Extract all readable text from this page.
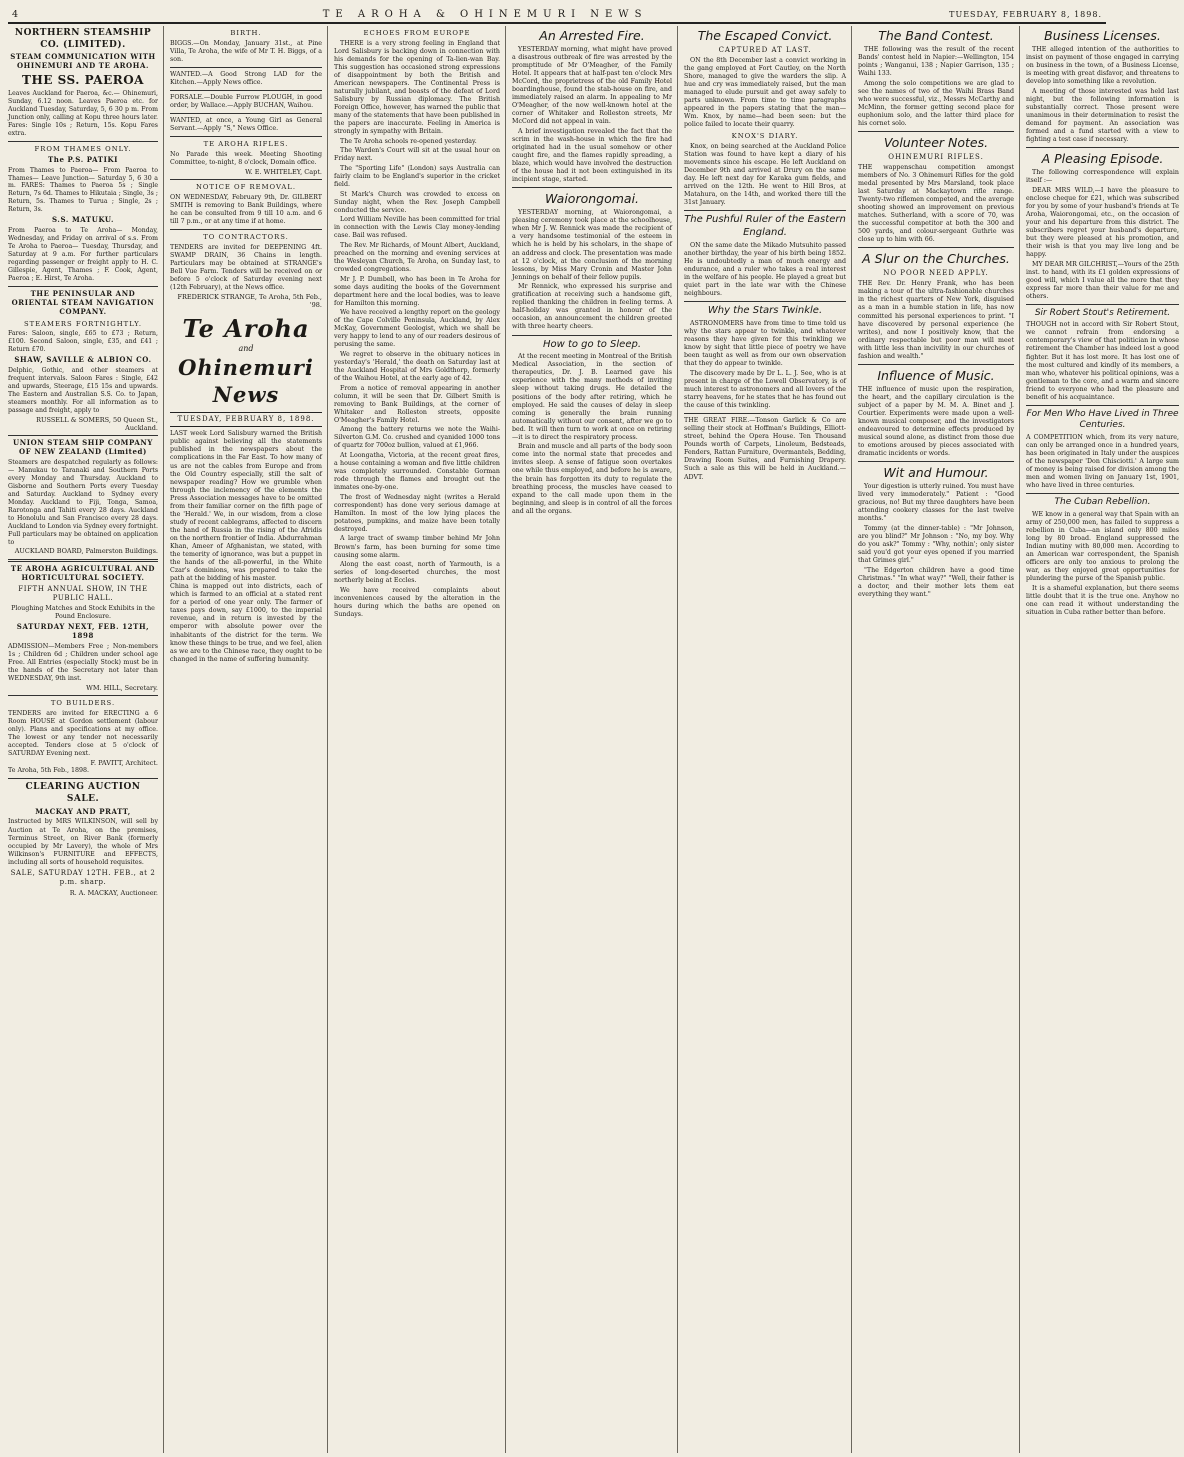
4	TE AROHA & OHINEMURI NEWS	TUESDAY, FEBRUARY 8, 1898.
NORTHERN STEAMSHIP CO. (LIMITED).
STEAM COMMUNICATION WITH OHINEMURI AND TE AROHA.
THE SS. PAEROA

Leaves Auckland for Paeroa, &c.— Ohinemuri, Sunday, 6.12 noon. Leaves Paeroa etc. for Auckland Tuesday, Saturday, 5, 6 30 p m. From Junction only, calling at Kopu three hours later. Fares: Single 10s ; Return, 15s. Kopu Fares extra.

FROM THAMES ONLY.
The P.S. PATIKI

From Thames to Paeroa— From Paeroa to Thames— Leave Junction— Saturday 5, 6 30 a m. FARES: Thames to Paeroa 5s ; Single Return, 7s 6d. Thames to Hikutaia ; Single, 3s ; Return, 5s. Thames to Turua ; Single, 2s ; Return, 3s.

S.S. MATUKU.

From Paeroa to Te Aroha— Monday, Wednesday, and Friday on arrival of s.s. From Te Aroha to Paeroa— Tuesday, Thursday, and Saturday at 9 a.m. For further particulars regarding passenger or freight apply to H. C. Gillespie, Agent, Thames ; F. Cook, Agent, Paeroa ; E. Hirst, Te Aroha.

THE PENINSULAR AND ORIENTAL STEAM NAVIGATION COMPANY.
STEAMERS FORTNIGHTLY.

Fares: Saloon, single, £65 to £73 ; Return, £100. Second Saloon, single, £35, and £41 ; Return £70.

SHAW, SAVILLE & ALBION CO.

Delphic, Gothic, and other steamers at frequent intervals. Saloon Fares : Single, £42 and upwards, Steerage, £15 15s and upwards. The Eastern and Australian S.S. Co. to Japan, steamers monthly. For all information as to passage and freight, apply to

RUSSELL & SOMERS, 50 Queen St., Auckland.
UNION STEAM SHIP COMPANY OF NEW ZEALAND (Limited)

Steamers are despatched regularly as follows:— Manukau to Taranaki and Southern Ports every Monday and Thursday. Auckland to Gisborne and Southern Ports every Tuesday and Saturday. Auckland to Sydney every Monday. Auckland to Fiji, Tonga, Samoa, Rarotonga and Tahiti every 28 days. Auckland to Honolulu and San Francisco every 28 days. Auckland to London via Sydney every fortnight. Full particulars may be obtained on application to

AUCKLAND BOARD, Palmerston Buildings.
TE AROHA AGRICULTURAL AND HORTICULTURAL SOCIETY.
FIFTH ANNUAL SHOW, IN THE PUBLIC HALL.

Ploughing Matches and Stock Exhibits in the Pound Enclosure.

SATURDAY NEXT, FEB. 12TH, 1898

ADMISSION—Members Free ; Non-members 1s ; Children 6d ; Children under school age Free. All Entries (especially Stock) must be in the hands of the Secretary not later than WEDNESDAY, 9th inst.

WM. HILL, Secretary.
TO BUILDERS.

TENDERS are invited for ERECTING a 6 Room HOUSE at Gordon settlement (labour only). Plans and specifications at my office. The lowest or any tender not necessarily accepted. Tenders close at 5 o'clock of SATURDAY Evening next.

F. PAVITT, Architect.
Te Aroha, 5th Feb., 1898.
CLEARING AUCTION SALE.
MACKAY AND PRATT,

Instructed by MRS WILKINSON, will sell by Auction at Te Aroha, on the premises, Terminus Street, on River Bank (formerly occupied by Mr Lavery), the whole of Mrs Wilkinson's FURNITURE and EFFECTS, including all sorts of household requisites.

SALE, SATURDAY 12TH. FEB., at 2 p.m. sharp.
R. A. MACKAY, Auctioneer.
BIRTH.

BIGGS.—On Monday, January 31st., at Pine Villa, Te Aroha, the wife of Mr T. H. Biggs, of a son.

WANTED.—A Good Strong LAD for the Kitchen.—Apply News office.

FORSALE.—Double Furrow PLOUGH, in good order, by Wallace.—Apply BUCHAN, Waihou.

WANTED, at once, a Young Girl as General Servant.—Apply "S," News Office.

TE AROHA RIFLES.

No Parade this week. Meeting Shooting Committee, to-night, 8 o'clock, Domain office.

W. E. WHITELEY, Capt.
NOTICE OF REMOVAL.

ON WEDNESDAY, February 9th, Dr. GILBERT SMITH is removing to Bank Buildings, where he can be consulted from 9 till 10 a.m. and 6 till 7 p.m., or at any time if at home.

TO CONTRACTORS.

TENDERS are invited for DEEPENING 4ft. SWAMP DRAIN, 36 Chains in length. Particulars may be obtained at STRANGE's Bell Vue Farm. Tenders will be received on or before 5 o'clock of Saturday evening next (12th February), at the News office.

FREDERICK STRANGE, Te Aroha, 5th Feb., '98.
Te Aroha
and
Ohinemuri News
TUESDAY, FEBRUARY 8, 1898.

LAST week Lord Salisbury warned the British public against believing all the statements published in the newspapers about the complications in the Far East. To how many of us are not the cables from Europe and from the Old Country especially, still the salt of newspaper reading? How we grumble when through the inclemency of the elements the Press Association messages have to be omitted from their familiar corner on the fifth page of the 'Herald.' We, in our wisdom, from a close study of recent cablegrams, affected to discern the hand of Russia in the rising of the Afridis on the northern frontier of India. Abdurrahman Khan, Ameer of Afghanistan, we stated, with the temerity of ignorance, was but a puppet in the hands of the all-powerful, in the White Czar's dominions, was prepared to take the path at the bidding of his master.

China is mapped out into districts, each of which is farmed to an official at a stated rent for a period of one year only. The farmer of taxes pays down, say £1000, to the imperial revenue, and in return is invested by the emperor with absolute power over the inhabitants of the district for the term. We know these things to be true, and we feel, alien as we are to the Chinese race, they ought to be changed in the name of suffering humanity.

ECHOES FROM EUROPE

THERE is a very strong feeling in England that Lord Salisbury is backing down in connection with his demands for the opening of Ta-lien-wan Bay. This suggestion has occasioned strong expressions of disappointment by both the British and American newspapers. The Continental Press is naturally jubilant, and boasts of the defeat of Lord Salisbury by Russian diplomacy. The British Foreign Office, however, has warned the public that many of the statements that have been published in the papers are inaccurate. Feeling in America is strongly in sympathy with Britain.

The Te Aroha schools re-opened yesterday.

The Warden's Court will sit at the usual hour on Friday next.

The "Sporting Life" (London) says Australia can fairly claim to be England's superior in the cricket field.

St Mark's Church was crowded to excess on Sunday night, when the Rev. Joseph Campbell conducted the service.

Lord William Neville has been committed for trial in connection with the Lewis Clay money-lending case. Bail was refused.

The Rev. Mr Richards, of Mount Albert, Auckland, preached on the morning and evening services at the Wesleyan Church, Te Aroha, on Sunday last, to crowded congregations.

Mr J. P. Dumbell, who has been in Te Aroha for some days auditing the books of the Government department here and the local bodies, was to leave for Hamilton this morning.

We have received a lengthy report on the geology of the Cape Colville Peninsula, Auckland, by Alex McKay, Government Geologist, which we shall be very happy to lend to any of our readers desirous of perusing the same.

We regret to observe in the obituary notices in yesterday's 'Herald,' the death on Saturday last at the Auckland Hospital of Mrs Goldthorp, formerly of the Waihou Hotel, at the early age of 42.

From a notice of removal appearing in another column, it will be seen that Dr. Gilbert Smith is removing to Bank Buildings, at the corner of Whitaker and Rolleston streets, opposite O'Meagher's Family Hotel.

Among the battery returns we note the Waihi-Silverton G.M. Co. crushed and cyanided 1000 tons of quartz for 700oz bullion, valued at £1,966.

At Loongatha, Victoria, at the recent great fires, a house containing a woman and five little children was completely surrounded. Constable Gorman rode through the flames and brought out the inmates one-by-one.

The frost of Wednesday night (writes a Herald correspondent) has done very serious damage at Hamilton. In most of the low lying places the potatoes, pumpkins, and maize have been totally destroyed.

A large tract of swamp timber behind Mr John Brown's farm, has been burning for some time causing some alarm.

Along the east coast, north of Yarmouth, is a series of long-deserted churches, the most northerly being at Eccles.

We have received complaints about inconveniences caused by the alteration in the hours during which the baths are opened on Sundays.

An Arrested Fire.

YESTERDAY morning, what might have proved a disastrous outbreak of fire was arrested by the promptitude of Mr O'Meagher, of the Family Hotel. It appears that at half-past ten o'clock Mrs McCord, the proprietress of the old Family Hotel boardinghouse, found the stab-house on fire, and immediately raised an alarm. In appealing to Mr O'Meagher, of the now well-known hotel at the corner of Whitaker and Rolleston streets, Mr McCord did not appeal in vain.

A brief investigation revealed the fact that the scrim in the wash-house in which the fire had originated had in the usual somehow or other caught fire, and the flames rapidly spreading, a blaze, which would have involved the destruction of the house had it not been extinguished in its incipient stage, started.

Waiorongomai.

YESTERDAY morning, at Waiorongomai, a pleasing ceremony took place at the schoolhouse, when Mr J. W. Rennick was made the recipient of a very handsome testimonial of the esteem in which he is held by his scholars, in the shape of an address and clock. The presentation was made at 12 o'clock, at the conclusion of the morning lessons, by Miss Mary Cronin and Master John Jennings on behalf of their fellow pupils.

Mr Rennick, who expressed his surprise and gratification at receiving such a handsome gift, replied thanking the children in feeling terms. A half-holiday was granted in honour of the occasion, an announcement the children greeted with three hearty cheers.

How to go to Sleep.

At the recent meeting in Montreal of the British Medical Association, in the section of therapeutics, Dr. J. B. Learned gave his experience with the many methods of inviting sleep without taking drugs. He detailed the positions of the body after retiring, which he employed. He said the causes of delay in sleep coming is generally the brain running automatically without our consent, after we go to bed. It will then turn to work at once on retiring—it is to direct the respiratory process.

Brain and muscle and all parts of the body soon come into the normal state that precedes and invites sleep. A sense of fatigue soon overtakes one while thus employed, and before he is aware, the brain has forgotten its duty to regulate the breathing process, the muscles have ceased to expand to the call made upon them in the beginning, and sleep is in control of all the forces and all the organs.

The Escaped Convict.
CAPTURED AT LAST.

ON the 8th December last a convict working in the gang employed at Fort Cautley, on the North Shore, managed to give the warders the slip. A hue and cry was immediately raised, but the man managed to elude pursuit and get away safely to parts unknown. From time to time paragraphs appeared in the papers stating that the man—Wm. Knox, by name—had been seen: but the police failed to locate their quarry.

KNOX'S DIARY.

Knox, on being searched at the Auckland Police Station was found to have kept a diary of his movements since his escape. He left Auckland on December 9th and arrived at Drury on the same day. He left next day for Karaka gum fields, and arrived on the 12th. He went to Hill Bros, at Matahura, on the 14th, and worked there till the 31st January.

The Pushful Ruler of the Eastern England.

ON the same date the Mikado Mutsuhito passed another birthday, the year of his birth being 1852. He is undoubtedly a man of much energy and endurance, and a ruler who takes a real interest in the welfare of his people. He played a great but quiet part in the late war with the Chinese neighbours.

Why the Stars Twinkle.

ASTRONOMERS have from time to time told us why the stars appear to twinkle, and whatever reasons they have given for this twinkling we know by sight that little piece of poetry we have been taught as well as from our own observation that they do appear to twinkle.

The discovery made by Dr L. L. J. See, who is at present in charge of the Lowell Observatory, is of much interest to astronomers and all lovers of the starry heavens, for he states that he has found out the cause of this twinkling.

THE GREAT FIRE.—Tonson Garlick & Co are selling their stock at Hoffman's Buildings, Elliott-street, behind the Opera House. Ten Thousand Pounds worth of Carpets, Linoleum, Bedsteads, Fenders, Rattan Furniture, Overmantels, Bedding, Drawing Room Suites, and Furnishing Drapery. Such a sale as this will be held in Auckland.—ADVT.

The Band Contest.

THE following was the result of the recent Bands' contest held in Napier:—Wellington, 154 points ; Wanganui, 138 ; Napier Garrison, 135 ; Waihi 133.

Among the solo competitions we are glad to see the names of two of the Waihi Brass Band who were successful, viz., Messrs McCarthy and McMinn, the former getting second place for euphonium solo, and the latter third place for his cornet solo.

Volunteer Notes.
OHINEMURI RIFLES.

THE wappenschau competition amongst members of No. 3 Ohinemuri Rifles for the gold medal presented by Mrs Marsland, took place last Saturday at Mackaytown rifle range. Twenty-two riflemen competed, and the average shooting showed an improvement on previous matches. Sutherland, with a score of 70, was the successful competitor at both the 300 and 500 yards, and colour-sergeant Guthrie was close up to him with 66.

A Slur on the Churches.
NO POOR NEED APPLY.

THE Rev. Dr. Henry Frank, who has been making a tour of the ultra-fashionable churches in the richest quarters of New York, disguised as a man in a humble station in life, has now committed his personal experiences to print. "I have discovered by personal experience (he writes), and now I positively know, that the ordinary respectable but poor man will meet with little less than incivility in our churches of fashion and wealth."

Influence of Music.

THE influence of music upon the respiration, the heart, and the capillary circulation is the subject of a paper by M. M. A. Binet and J. Courtier. Experiments were made upon a well-known musical composer, and the investigators endeavoured to determine effects produced by musical sound alone, as distinct from those due to emotions aroused by pieces associated with dramatic incidents or words.

Wit and Humour.

Your digestion is utterly ruined. You must have lived very immoderately." Patient : "Good gracious, no! But my three daughters have been attending cookery classes for the last twelve months."

Tommy (at the dinner-table) : "Mr Johnson, are you blind?" Mr Johnson : "No, my boy. Why do you ask?" Tommy : "Why, nothin'; only sister said you'd got your eyes opened if you married that Grimes girl."

"The Edgerton children have a good time Christmas." "In what way?" "Well, their father is a doctor, and their mother lets them eat everything they want."

Business Licenses.

THE alleged intention of the authorities to insist on payment of those engaged in carrying on business in the town, of a Business License, is meeting with great disfavor, and threatens to develop into something like a revolution.

A meeting of those interested was held last night, but the following information is substantially correct. Those present were unanimous in their determination to resist the demand for payment. An association was formed and a fund started with a view to fighting a test case if necessary.

A Pleasing Episode.

The following correspondence will explain itself :—

DEAR MRS WILD,—I have the pleasure to enclose cheque for £21, which was subscribed for you by some of your husband's friends at Te Aroha, Waiorongomai, etc., on the occasion of your and his departure from this district. The subscribers regret your husband's departure, but they were pleased at his promotion, and their wish is that you may live long and be happy.

MY DEAR MR GILCHRIST,—Yours of the 25th inst. to hand, with its £1 golden expressions of good will, which I value all the more that they express far more than their value for me and others.

Sir Robert Stout's Retirement.

THOUGH not in accord with Sir Robert Stout, we cannot refrain from endorsing a contemporary's view of that politician in whose retirement the Chamber has indeed lost a good fighter. But it has lost more. It has lost one of the most cultured and kindly of its members, a man who, whatever his political opinions, was a gentleman to the core, and a warm and sincere friend to everyone who had the pleasure and benefit of his acquaintance.

For Men Who Have Lived in Three Centuries.

A COMPETITION which, from its very nature, can only be arranged once in a hundred years, has been originated in Italy under the auspices of the newspaper 'Don Chisciotti.' A large sum of money is being raised for division among the men and women living on January 1st, 1901, who have lived in three centuries.

The Cuban Rebellion.

WE know in a general way that Spain with an army of 250,000 men, has failed to suppress a rebellion in Cuba—an island only 800 miles long by 80 broad. England suppressed the Indian mutiny with 80,000 men. According to an American war correspondent, the Spanish officers are only too anxious to prolong the war, as they enjoyed great opportunities for plundering the purse of the Spanish public.

It is a shameful explanation, but there seems little doubt that it is the true one. Anyhow no one can read it without understanding the situation in Cuba rather better than before.
